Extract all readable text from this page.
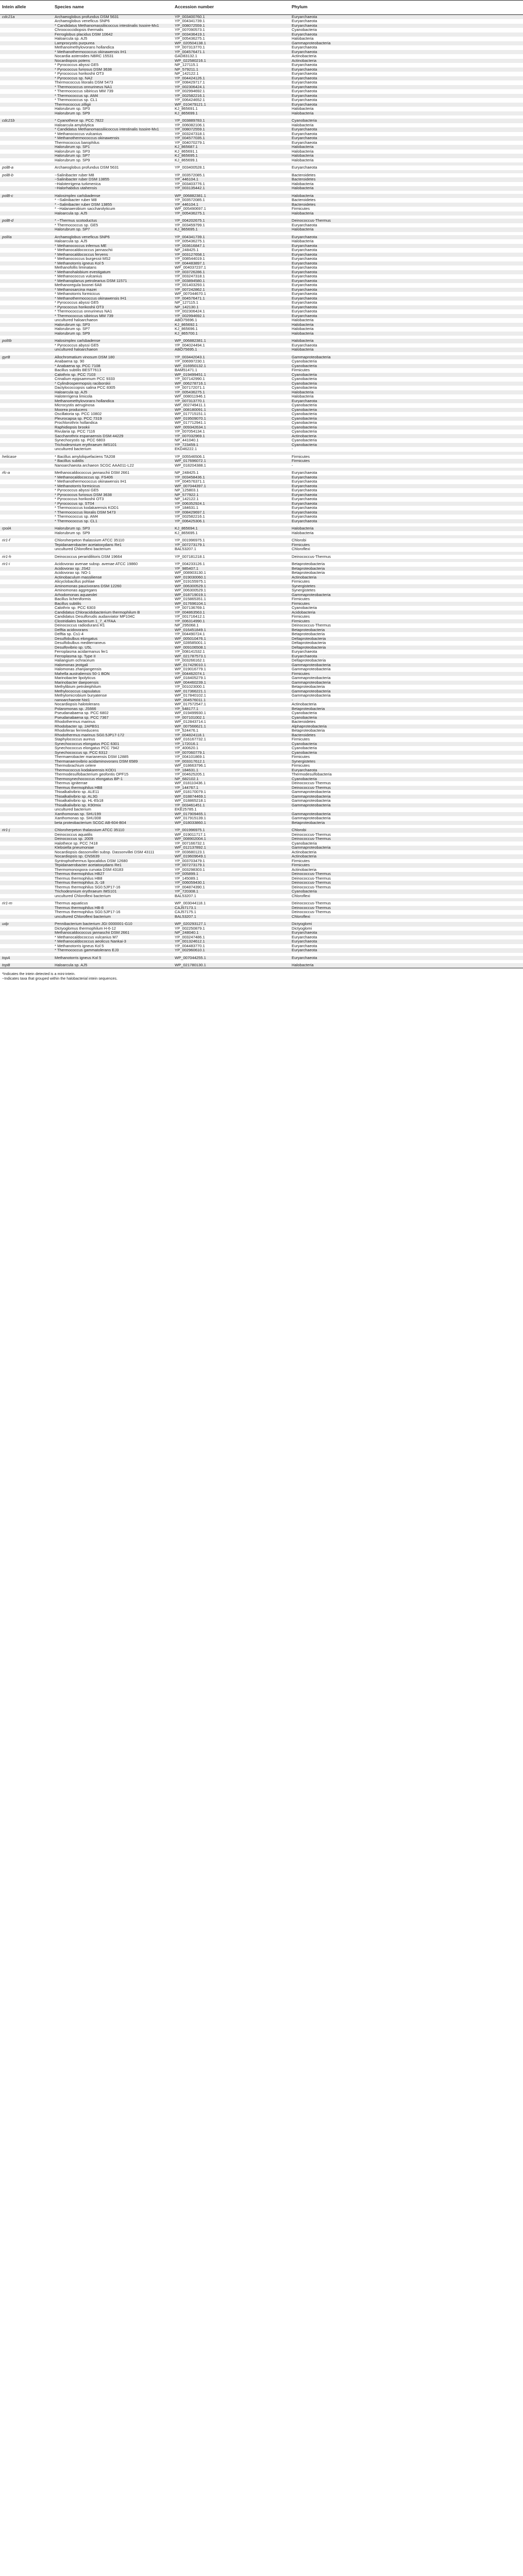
Intein allele	Species name	Accession number	Phylum
cdc21a	Archaeoglobus profundus DSM 5631	YP_003400760.1	Euryarchaeota
	Archaeoglobus veneficus SNP6	YP_004341739.1	Euryarchaeota
	* Candidatus Methanomassiliicoccus intestinalis Issoire-Mx1	YP_008072559.1	Euryarchaeota
	Chroococcidiopsis thermalis	YP_007090573.1	Cyanobacteria
	Ferroglobus placidus DSM 10642	YP_003436419.1	Euryarchaeota
	Haloarcula sp. AJ5	YP_005436275.1	Halobacteria
	Lamprocystis purpurea	WP_020504138.1	Gammaproteobacteria
	Methanomethylovorans hollandica	YP_007313770.1	Euryarchaeota
	* Methanothermococcus okinawensis IH1	YP_004576471.1	Euryarchaeota
	Nocardia asteroides NBRC 15531	GAD83132.1	Actinobacteria
	Nocardiopsis potens	WP_022580216.1	Actinobacteria
	* Pyrococcus abyssi GE5	NP_127115.1	Euryarchaeota
	* Pyrococcus furiosus DSM 3638	NP_579211.1	Euryarchaeota
	* Pyrococcus horikoshii OT3	NP_142122.1	Euryarchaeota
	* Pyrococcus sp. NA2	YP_004424126.1	Euryarchaeota
	Thermococcus litoralis DSM 5473	YP_008429717.1	Euryarchaeota
	* Thermococcus onnurineus NA1	YP_002306424.1	Euryarchaeota
	* Thermococcus sibiricus MM 739	YP_002994692.1	Euryarchaeota
	* Thermococcus sp. AM4	YP_002582216.1	Euryarchaeota
	* Thermococcus sp. CL1	YP_006424652.1	Euryarchaeota
	Thermococcus zilligii	WP_010479121.1	Euryarchaeota
	Halorubrum sp. SP3	KJ_865691.1	Halobacteria
	Halorubrum sp. SP9	KJ_865699.1	Halobacteria

cdc21b	* Cyanothece sp. PCC 7822	YP_003889783.1	Cyanobacteria
	Haloarcula amylolytica	YP_006082106.1	Halobacteria
	* Candidatus Methanomassiliicoccus intestinalis Issoire-Mx1	YP_008072559.1	Euryarchaeota
	* Methanococcus vulcanius	YP_003247318.1	Euryarchaeota
	* Methanothermococcus okinawensis	YP_004577035.1	Euryarchaeota
	Thermococcus barophilus	YP_004070279.1	Euryarchaeota
	Halorubrum sp. SP1	KJ_865687.1	Halobacteria
	Halorubrum sp. SP3	KJ_865691.1	Halobacteria
	Halorubrum sp. SP7	KJ_865695.1	Halobacteria
	Halorubrum sp. SP9	KJ_865699.1	Halobacteria

polB-a	Archaeoglobus profundus DSM 5631	YP_003400528.1	Euryarchaeota

polB-b	~Salinibacter ruber M8	YP_003572085.1	Bacteroidetes
	~Salinibacter ruber DSM 13855	YP_446104.1	Bacteroidetes
	~Haloterrigena turkmenica	YP_003403776.1	Halobacteria
	~Halorhabdus utahensis	YP_003135442.1	Halobacteria

polB-c	Halosimplex carlsbadense	WP_006882381.1	Halobacteria
	* ~Salinibacter ruber M8	YP_003572085.1	Bacteroidetes
	* ~Salinibacter ruber DSM 13855	YP_446104.1	Bacteroidetes
	* ~Halanaerobium saccharolyticum	WP_005490697.1	Firmicutes
	Haloarcula sp. AJ5	YP_005436275.1	Halobacteria

polB-d	* ~Thermus scotoductus	YP_004202675.1	Deinococcus-Thermus
	* Thermococcus sp. GE5	YP_003459799.1	Euryarchaeota
	Halorubrum sp. SP7	KJ_865695.1	Halobacteria

polIIa	Archaeoglobus veneficus SNP6	YP_004341739.1	Euryarchaeota
	Haloarcula sp. AJ5	YP_005436275.1	Halobacteria
	* Methanococcus infernus ME	YP_003616847.1	Euryarchaeota
	* Methanocaldococcus jannaschii	NP_248425.1	Euryarchaeota
	* Methanocaldococcus fervens	YP_003127658.1	Euryarchaeota
	* Methanococcus burgessii MS2	YP_008544019.1	Euryarchaeota
	* Methanotorris igneus Kol 5	YP_004483897.1	Euryarchaeota
	Methanofollis liminatans	WP_004037237.1	Euryarchaeota
	* Methanohalobium evestigatum	YP_003726286.1	Euryarchaeota
	* Methanococcus vulcanius	YP_003247318.1	Euryarchaeota
	* Methanoplanus petrolearius DSM 11571	YP_003894580.1	Euryarchaeota
	Methanoregula boonei 6A8	YP_001403293.1	Euryarchaeota
	* Methanosarcina mazei	YP_007242862.1	Euryarchaeota
	* Methanotorris formicicus	WP_007044670.1	Euryarchaeota
	* Methanothermococcus okinawensis IH1	YP_004576471.1	Euryarchaeota
	* Pyrococcus abyssi GE5	NP_127115.1	Euryarchaeota
	* Pyrococcus horikoshii OT3	NP_142130.1	Euryarchaeota
	* Thermococcus onnurineus NA1	YP_002306424.1	Euryarchaeota
	* Thermococcus sibiricus MM 739	YP_002994692.1	Euryarchaeota
	uncultured haloarchaeon	ABO75696.1	Halobacteria
	Halorubrum sp. SP3	KJ_865692.1	Halobacteria
	Halorubrum sp. SP7	KJ_865696.1	Halobacteria
	Halorubrum sp. SP9	KJ_865700.1	Halobacteria

polIIb	Halosimplex carlsbadense	WP_006882381.1	Halobacteria
	* Pyrococcus abyssi GE5	YP_004024494.1	Euryarchaeota
	uncultured haloarchaeon	ABO75695.1	Halobacteria

gyrB	Allochromatium vinosum DSM 180	YP_003442043.1	Gammaproteobacteria
	Anabaena sp. 90	YP_006997230.1	Cyanobacteria
	* Anabaena sp. PCC 7108	WP_016950132.1	Cyanobacteria
	Bacillus subtilis BEST7613	BAM51471.1	Firmicutes
	Calothrix sp. PCC 7103	WP_019499451.1	Cyanobacteria
	Crinalium epipsammum PCC 9333	YP_007142990.1	Cyanobacteria
	* Cylindrospermopsis raciborskii	WP_006278716.1	Cyanobacteria
	Dactylococcopsis salina PCC 8305	YP_007172071.1	Cyanobacteria
	Haloarcula sp. AJ5	YP_005436275.1	Halobacteria
	Haloterrigena limicola	WP_008011946.1	Halobacteria
	Methanomethylovorans hollandica	YP_007313770.1	Euryarchaeota
	Microcystis aeruginosa	WP_002749411.1	Cyanobacteria
	Moorea producens	WP_008180091.1	Cyanobacteria
	Oscillatoria sp. PCC 10802	WP_017715151.1	Cyanobacteria
	Pleurocapsa sp. PCC 7319	WP_019509070.1	Cyanobacteria
	Prochlorothrix hollandica	WP_017712941.1	Cyanobacteria
	Raphidiopsis brookii	WP_009342634.1	Cyanobacteria
	Rivularia sp. PCC 7116	YP_007054134.1	Cyanobacteria
	Saccharothrix espanaensis DSM 44229	YP_007032969.1	Actinobacteria
	Synechocystis sp. PCC 6803	NP_441040.1	Cyanobacteria
	Trichodesmium erythraeum IMS101	YP_723459.1	Cyanobacteria
	uncultured bacterium	EKD46222.1	-

helicase	* Bacillus amyloliquefaciens TA208	YP_005546506.1	Firmicutes
	* Bacillus subtilis	WP_017696072.1	Firmicutes
	Nanoarchaeota archaeon SCGC AAA011-L22	WP_018204388.1	-

rfc-a	Methanocaldococcus jannaschii DSM 2661	NP_248425.1	Euryarchaeota
	* Methanocaldococcus sp. FS406	YP_003458436.1	Euryarchaeota
	* Methanothermococcus okinawensis IH1	YP_004576371.1	Euryarchaeota
	* Methanotorris formicicus	WP_007044397.1	Euryarchaeota
	* Pyrococcus abyssi GE5	NP_125803.1	Euryarchaeota
	* Pyrococcus furiosus DSM 3638	NP_577922.1	Euryarchaeota
	* Pyrococcus horikoshii OT3	NP_142122.1	Euryarchaeota
	* Pyrococcus sp. ST04	YP_006352924.1	Euryarchaeota
	* Thermococcus kodakarensis KOD1	YP_184631.1	Euryarchaeota
	* Thermococcus litoralis DSM 5473	YP_008429697.1	Euryarchaeota
	* Thermococcus sp. AM4	YP_002582216.1	Euryarchaeota
	* Thermococcus sp. CL1	YP_006425306.1	Euryarchaeota

rpolA	Halorubrum sp. SP3	KJ_865694.1	Halobacteria
	Halorubrum sp. SP9	KJ_865695.1	Halobacteria

rir1-f	Chloroherpeton thalassium ATCC 35110	YP_001996975.1	Chlorobi
	Tepidanaerobacter acetatoxydans Re1	YP_007273179.1	Firmicutes
	uncultured Chloroflexi bacterium	BAL53207.1	Chloroflexi

rir1-h	Deinococcus peraridilitoris DSM 19664	YP_007181218.1	Deinococcus-Thermus

rir1-i	Acidovorax avenae subsp. avenae ATCC 19860	YP_004233126.1	Betaproteobacteria
	Acidovorax sp. JS42	YP_985407.1	Betaproteobacteria
	Acidovorax sp. NO-1	WP_008903130.1	Betaproteobacteria
	Actinobaculum massiliense	WP_019030060.1	Actinobacteria
	Alicyclobacillus pohliae	WP_019155975.1	Firmicutes
	Aminomonas paucivorans DSM 12260	WP_006300529.1	Synergistetes
	Aminomonas aggregans	WP_006300529.1	Synergistetes
	Arhodomonas aquaeolei	WP_018719019.1	Gammaproteobacteria
	Bacillus licheniformis	WP_015865351.1	Firmicutes
	Bacillus subtilis	WP_017696104.1	Firmicutes
	Calothrix sp. PCC 6303	YP_007136769.1	Cyanobacteria
	Candidatus Chloracidobacterium thermophilum B	YP_004863563.1	Acidobacteria
	Candidatus Desulforudis audaxviator MP104C	YP_001716412.1	Firmicutes
	Clostridiales bacterium 1_7_47FAA	YP_006314990.1	Firmicutes
	Deinococcus radiodurans R1	NP_295068.1	Deinococcus-Thermus
	Delftia acidovorans	WP_016451849.1	Betaproteobacteria
	Delftia sp. Cs1-4	YP_004490724.1	Betaproteobacteria
	Desulfobulbus elongatus	WP_005010476.1	Deltaproteobacteria
	Desulfobulbus mediterraneus	WP_028585001.1	Deltaproteobacteria
	Desulfovibrio sp. U5L	WP_009106508.1	Deltaproteobacteria
	Ferroplasma acidarmanus fer1	YP_008141532.1	Euryarchaeota
	Ferroplasma sp. Type II	WP_021787573.1	Euryarchaeota
	Haliangium ochraceum	YP_003266162.1	Deltaproteobacteria
	Halomonas jeotgali	WP_017429010.1	Gammaproteobacteria
	Halomonas zhanjiangensis	WP_019016779.1	Gammaproteobacteria
	Mahella australiensis 50-1 BON	YP_004462074.1	Firmicutes
	Marinobacter lipolyticus	WP_018405279.1	Gammaproteobacteria
	Marinobacter daepoensis	WP_004460239.1	Gammaproteobacteria
	Methylibium petroleiphilum	YP_001023000.1	Betaproteobacteria
	Methylococcus capsulatus	WP_017366221.1	Gammaproteobacteria
	Methylomicrobium buryatense	WP_017840102.1	Gammaproteobacteria
	nanoarchaeote Nst1	WP_004576011.1	-
	Nocardiopsis halotolerans	WP_017572547.1	Actinobacteria
	Polaromonas sp. JS666	YP_548177.1	Betaproteobacteria
	Pseudanabaena sp. PCC 6802	WP_019499930.1	Cyanobacteria
	Pseudanabaena sp. PCC 7367	YP_007101002.1	Cyanobacteria
	Rhodothermus marinus	WP_012843714.1	Bacteroidetes
	Rhodobacter sp. 2APBS1	WP_007566621.1	Alphaproteobacteria
	Rhodoferax ferrireducens	YP_524476.1	Betaproteobacteria
	Rhodothermus marinus SG0.5JP17-172	YP_004824118.1	Bacteroidetes
	Staphylococcus aureus	WP_016167732.1	Firmicutes
	Synechococcus elongatus PCC 6301	YP_172016.1	Cyanobacteria
	Synechococcus elongatus PCC 7942	YP_400620.1	Cyanobacteria
	Synechococcus sp. PCC 6312	YP_007060779.1	Cyanobacteria
	Thermaerobacter marianensis DSM 12885	YP_004101869.1	Firmicutes
	Thermanaerovibrio acidaminovorans DSM 6589	YP_003317612.1	Synergistetes
	Thermobrachium celere	WP_018663796.1	Firmicutes
	Thermococcus kodakarensis KOD1	YP_184631.1	Euryarchaeota
	Thermodesulfobacterium geofontis OPF15	YP_004625205.1	Thermodesulfobacteria
	Thermosynechococcus elongatus BP-1	NP_682102.1	Cyanobacteria
	Thermus igniterrae	WP_018110436.1	Deinococcus-Thermus
	Thermus thermophilus HB8	YP_144767.1	Deinococcus-Thermus
	Thioalkalivibrio sp. ALE11	WP_018170079.1	Gammaproteobacteria
	Thioalkalivibrio sp. AL3G	WP_018874469.1	Gammaproteobacteria
	Thioalkalivibrio sp. HL-Eb18	WP_018865218.1	Gammaproteobacteria
	Thioalkalivibrio sp. K90mix	YP_003461451.1	Gammaproteobacteria
	uncultured bacterium	EKE25785.1	-
	Xanthomonas sp. SHU199	WP_017909465.1	Gammaproteobacteria
	Xanthomonas sp. SHU308	WP_017915139.1	Gammaproteobacteria
	beta proteobacterium SCGC AB-604-B04	WP_018033860.1	Betaproteobacteria

rir1-j	Chloroherpeton thalassium ATCC 35110	YP_001996975.1	Chlorobi
	Deinococcus aquatilis	WP_019011717.1	Deinococcus-Thermus
	Deinococcus sp. 2009	WP_008902004.1	Deinococcus-Thermus
	Halothece sp. PCC 7418	YP_007166732.1	Cyanobacteria
	Klebsiella pneumoniae	WP_012137892.1	Gammaproteobacteria
	Nocardiopsis dassonvillei subsp. Dassonvillei DSM 43111	YP_003680123.1	Actinobacteria
	Nocardiopsis sp. CNS639	WP_019609649.1	Actinobacteria
	Syntrophothermus lipocalidus DSM 12680	YP_003703479.1	Firmicutes
	Tepidanaerobacter acetatoxydans Re1	YP_007273179.1	Firmicutes
	Thermomonospora curvata DSM 43183	YP_003298303.1	Actinobacteria
	Thermus thermophilus HB27	YP_005899.1	Deinococcus-Thermus
	Thermus thermophilus HB8	YP_145089.1	Deinococcus-Thermus
	Thermus thermophilus JL-18	YP_006059430.1	Deinococcus-Thermus
	Thermus thermophilus SG0.5JP17-16	YP_004874390.1	Deinococcus-Thermus
	Trichodesmium erythraeum IMS101	YP_720308.1	Cyanobacteria
	uncultured Chloroflexi bacterium	BAL53207.1	Chloroflexi

rir1-m	Thermus aquaticus	WP_003044118.1	Deinococcus-Thermus
	Thermus thermophilus HB-8	CAJ57173.1	Deinococcus-Thermus
	Thermus thermophilus SG0.5JP17-16	CAJ57175.1	Deinococcus-Thermus
	uncultured Chloroflexi bacterium	BAL53207.1	Chloroflexi

udp	Pennibacterium bacterium JGI 0000001-G10	WP_020293127.1	Dictyoglomi
	Dictyoglomus thermophilum H-6-12	YP_002250879.1	Dictyoglomi
	Methanocaldococcus jannaschii DSM 2661	NP_248040.1	Euryarchaeota
	* Methanocaldococcus vulcanius M7	YP_003247486.1	Euryarchaeota
	* Methanocaldococcus aeolicus Nankai-3	YP_001324612.1	Euryarchaeota
	* Methanotorris igneus Kol 5	YP_004483770.1	Euryarchaeota
	* Thermococcus gammatolerans EJ3	YP_002960610.1	Euryarchaeota

topA	Methanotorris igneus Kol 5	WP_007044255.1	Euryarchaeota

topB	Haloarcula sp. AJ5	WP_021780130.1	Halobacteria
*Indicates the intein detected is a mini-intein.
~Indicates taxa that grouped within the halobacterial intein sequences.
